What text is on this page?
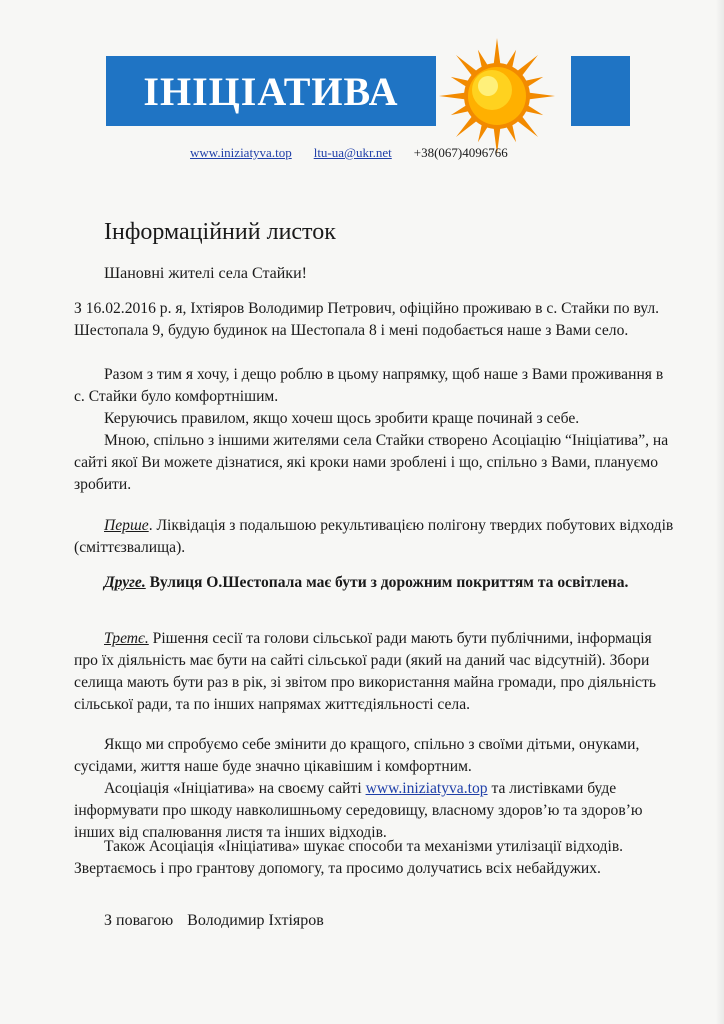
ІНІЦІАТИВА
www.iniziatyva.top ltu-ua@ukr.net +38(067)4096766
Інформаційний листок
Шановні жителі села Стайки!
З 16.02.2016 р. я, Іхтіяров Володимир Петрович, офіційно проживаю в с. Стайки по вул. Шестопала 9, будую будинок на Шестопала 8 і мені подобається наше з Вами село.
Разом з тим я хочу, і дещо роблю в цьому напрямку, щоб наше з Вами проживання в с. Стайки було комфортнішим.
Керуючись правилом, якщо хочеш щось зробити краще починай з себе.
Мною, спільно з іншими жителями села Стайки створено Асоціацію “Ініціатива”, на сайті якої Ви можете дізнатися, які кроки нами зроблені і що, спільно з Вами, плануємо зробити.
Перше. Ліквідація з подальшою рекультивацією полігону твердих побутових відходів (сміттєзвалища).
Друге. Вулиця О.Шестопала має бути з дорожним покриттям та освітлена.
Третє. Рішення сесії та голови сільської ради мають бути публічними, інформація про їх діяльність має бути на сайті сільської ради (який на даний час відсутній). Збори селища мають бути раз в рік, зі звітом про використання майна громади, про діяльність сільської ради, та по інших напрямах життєдіяльності села.
Якщо ми спробуємо себе змінити до кращого, спільно з своїми дітьми, онуками, сусідами, життя наше буде значно цікавішим і комфортним.
Асоціація «Ініціатива» на своєму сайті www.iniziatyva.top та листівками буде інформувати про шкоду навколишньому середовищу, власному здоров’ю та здоров’ю інших від спалювання листя та інших відходів.
Також Асоціація «Ініціатива» шукає способи та механізми утилізації відходів. Звертаємось і про грантову допомогу, та просимо долучатись всіх небайдужих.
З повагою Володимир Іхтіяров
